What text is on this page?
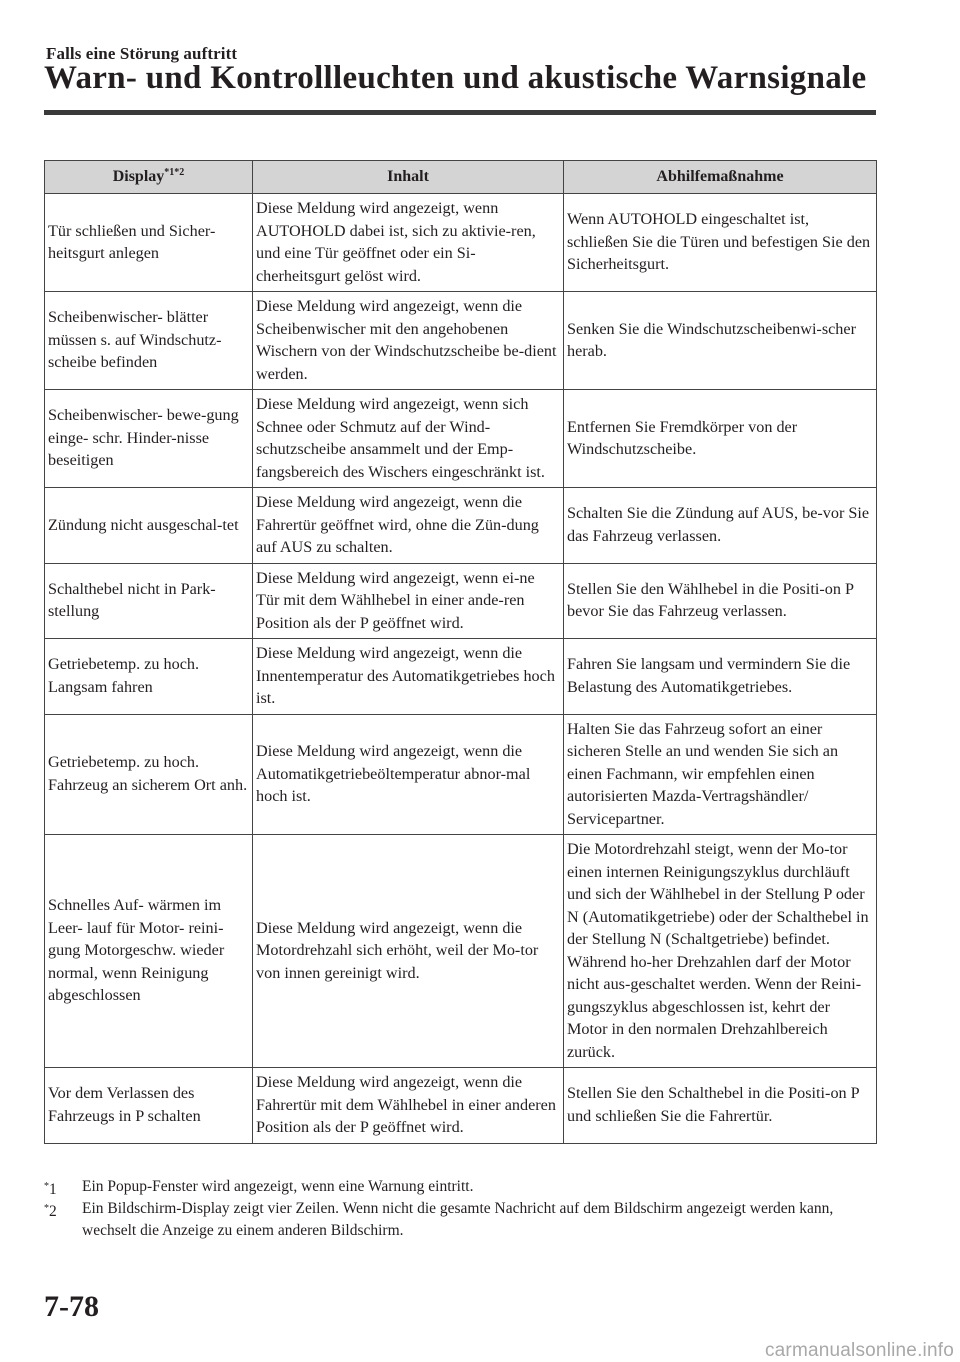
Falls eine Störung auftritt
Warn- und Kontrollleuchten und akustische Warnsignale
Display$^{*1*2}$	Inhalt	Abhilfemaßnahme
Tür schließen und Sicher-heitsgurt anlegen	Diese Meldung wird angezeigt, wenn AUTOHOLD dabei ist, sich zu aktivie-ren, und eine Tür geöffnet oder ein Si-cherheitsgurt gelöst wird.	Wenn AUTOHOLD eingeschaltet ist, schließen Sie die Türen und befestigen Sie den Sicherheitsgurt.
Scheibenwischer- blätter müssen s. auf Windschutz-scheibe befinden	Diese Meldung wird angezeigt, wenn die Scheibenwischer mit den angehobenen Wischern von der Windschutzscheibe be-dient werden.	Senken Sie die Windschutzscheibenwi-scher herab.
Scheibenwischer- bewe-gung einge- schr. Hinder-nisse beseitigen	Diese Meldung wird angezeigt, wenn sich Schnee oder Schmutz auf der Wind-schutzscheibe ansammelt und der Emp-fangsbereich des Wischers eingeschränkt ist.	Entfernen Sie Fremdkörper von der Windschutzscheibe.
Zündung nicht ausgeschal-tet	Diese Meldung wird angezeigt, wenn die Fahrertür geöffnet wird, ohne die Zün-dung auf AUS zu schalten.	Schalten Sie die Zündung auf AUS, be-vor Sie das Fahrzeug verlassen.
Schalthebel nicht in Park-stellung	Diese Meldung wird angezeigt, wenn ei-ne Tür mit dem Wählhebel in einer ande-ren Position als der P geöffnet wird.	Stellen Sie den Wählhebel in die Positi-on P bevor Sie das Fahrzeug verlassen.
Getriebetemp. zu hoch. Langsam fahren	Diese Meldung wird angezeigt, wenn die Innentemperatur des Automatikgetriebes hoch ist.	Fahren Sie langsam und vermindern Sie die Belastung des Automatikgetriebes.
Getriebetemp. zu hoch. Fahrzeug an sicherem Ort anh.	Diese Meldung wird angezeigt, wenn die Automatikgetriebeöltemperatur abnor-mal hoch ist.	Halten Sie das Fahrzeug sofort an einer sicheren Stelle an und wenden Sie sich an einen Fachmann, wir empfehlen einen autorisierten Mazda-Vertragshändler/ Servicepartner.
Schnelles Auf- wärmen im Leer- lauf für Motor- reini-gung Motorgeschw. wieder normal, wenn Reinigung abgeschlossen	Diese Meldung wird angezeigt, wenn die Motordrehzahl sich erhöht, weil der Mo-tor von innen gereinigt wird.	Die Motordrehzahl steigt, wenn der Mo-tor einen internen Reinigungszyklus durchläuft und sich der Wählhebel in der Stellung P oder N (Automatikgetriebe) oder der Schalthebel in der Stellung N (Schaltgetriebe) befindet. Während ho-her Drehzahlen darf der Motor nicht aus-geschaltet werden. Wenn der Reini-gungszyklus abgeschlossen ist, kehrt der Motor in den normalen Drehzahlbereich zurück.
Vor dem Verlassen des Fahrzeugs in P schalten	Diese Meldung wird angezeigt, wenn die Fahrertür mit dem Wählhebel in einer anderen Position als der P geöffnet wird.	Stellen Sie den Schalthebel in die Positi-on P und schließen Sie die Fahrertür.
*1 Ein Popup-Fenster wird angezeigt, wenn eine Warnung eintritt.
*2 Ein Bildschirm-Display zeigt vier Zeilen. Wenn nicht die gesamte Nachricht auf dem Bildschirm angezeigt werden kann, wechselt die Anzeige zu einem anderen Bildschirm.
7-78
carmanualsonline.info
